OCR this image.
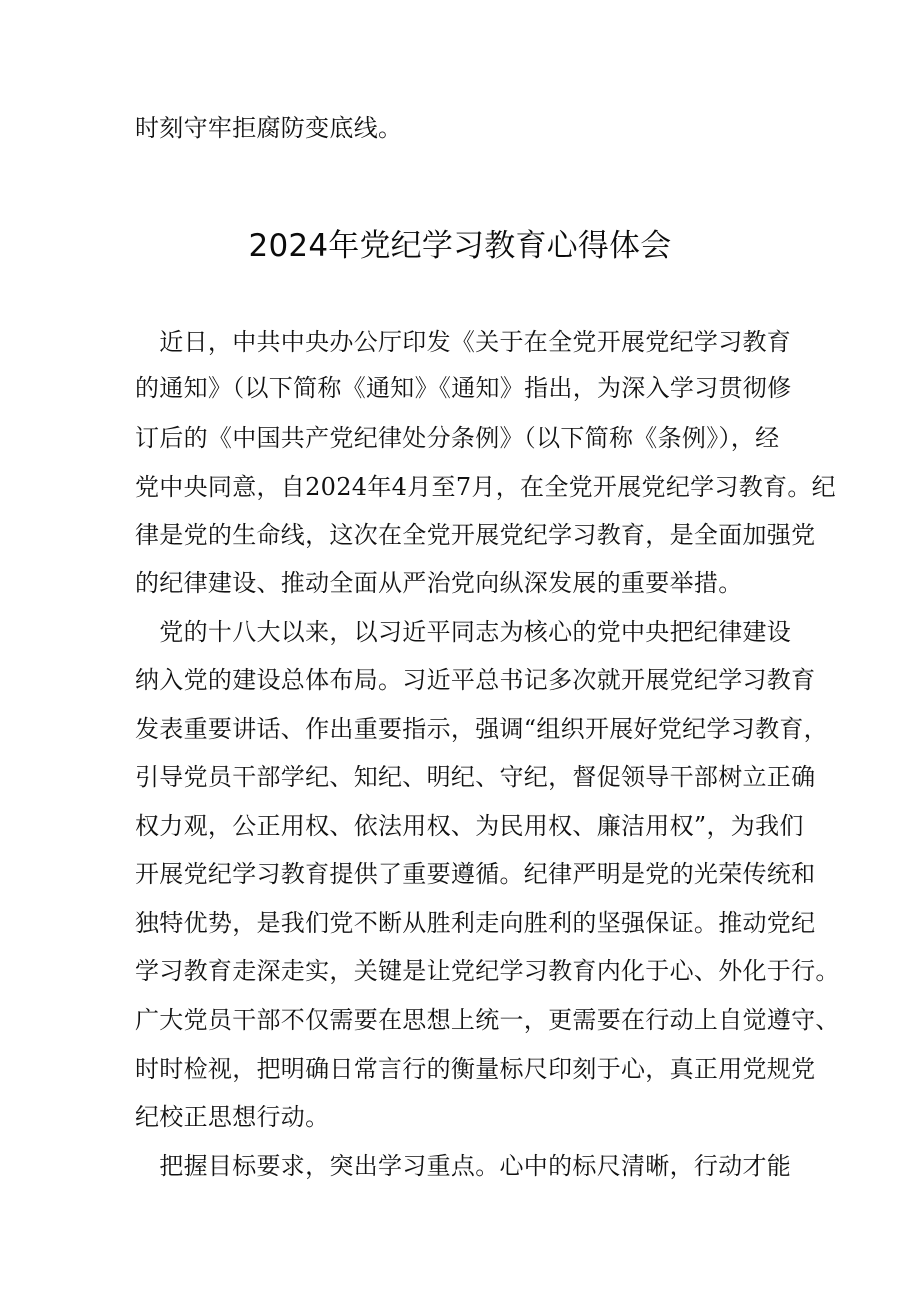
时刻守牢拒腐防变底线。
2024年党纪学习教育心得体会
　近日，中共中央办公厅印发《关于在全党开展党纪学习教育
的通知》（以下简称《通知》《通知》指出，为深入学习贯彻修
订后的《中国共产党纪律处分条例》（以下简称《条例》），经
党中央同意，自2024年4月至7月，在全党开展党纪学习教育。纪
律是党的生命线，这次在全党开展党纪学习教育，是全面加强党
的纪律建设、推动全面从严治党向纵深发展的重要举措。
　党的十八大以来，以习近平同志为核心的党中央把纪律建设
纳入党的建设总体布局。习近平总书记多次就开展党纪学习教育
发表重要讲话、作出重要指示，强调“组织开展好党纪学习教育，
引导党员干部学纪、知纪、明纪、守纪，督促领导干部树立正确
权力观，公正用权、依法用权、为民用权、廉洁用权”，为我们
开展党纪学习教育提供了重要遵循。纪律严明是党的光荣传统和
独特优势，是我们党不断从胜利走向胜利的坚强保证。推动党纪
学习教育走深走实，关键是让党纪学习教育内化于心、外化于行。
广大党员干部不仅需要在思想上统一，更需要在行动上自觉遵守、
时时检视，把明确日常言行的衡量标尺印刻于心，真正用党规党
纪校正思想行动。
　把握目标要求，突出学习重点。心中的标尺清晰，行动才能
